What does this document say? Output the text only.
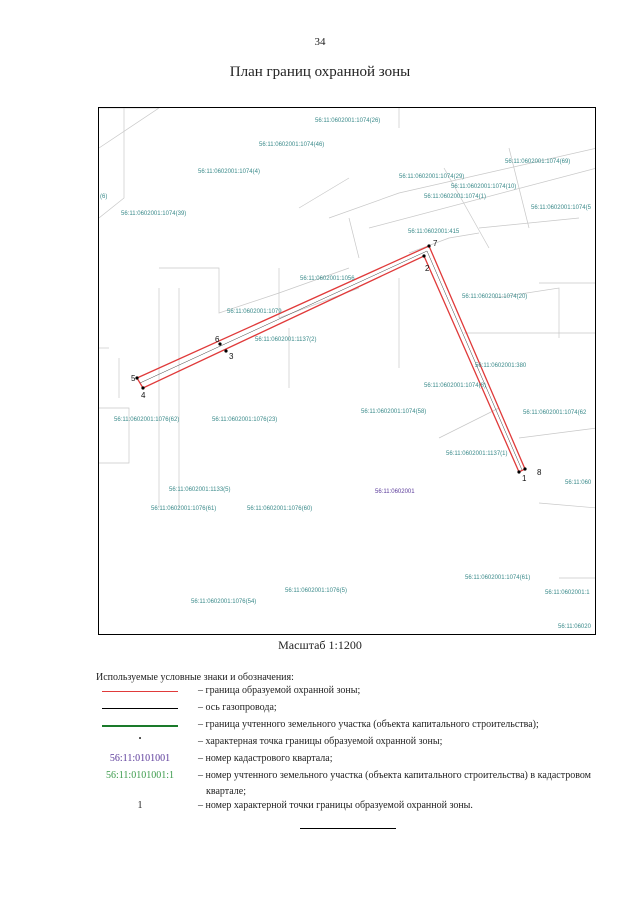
34
План границ охранной зоны
1
2
3
4
5
6
7
8
56:11:0602001:1074(26)
56:11:0602001:1074(46)
56:11:0602001:1074(4)
56:11:0602001:1074(69)
56:11:0602001:1074(29)
56:11:0602001:1074(10)
56:11:0602001:1074(1)
(6)
56:11:0602001:1074(39)
56:11:0602001:1074(5
56:11:0602001:415
56:11:0602001:1056
56:11:0602001:1074(20)
56:11:0602001:1079
56:11:0602001:1137(2)
56:11:0602001:380
56:11:0602001:1074(8)
56:11:0602001:1074(58)
56:11:0602001:1076(62)	56:11:0602001:1076(23)
56:11:0602001:1074(62
56:11:0602001:1137(1)
56:11:060
56:11:0602001:1133(5)	56:11:0602001
56:11:0602001:1076(61)	56:11:0602001:1076(60)
56:11:0602001:1074(61)
56:11:0602001:1076(5)	56:11:0602001:1
56:11:0602001:1076(54)
56:11:06020
Масштаб 1:1200
Используемые условные знаки и обозначения:
– граница образуемой охранной зоны;
– ось газопровода;
– граница учтенного земельного участка (объекта капитального строительства);
•	– характерная точка границы образуемой охранной зоны;
56:11:0101001	– номер кадастрового квартала;
56:11:0101001:1	– номер учтенного земельного участка (объекта капитального строительства) в кадастровом
квартале;
1	– номер характерной точки границы образуемой охранной зоны.
